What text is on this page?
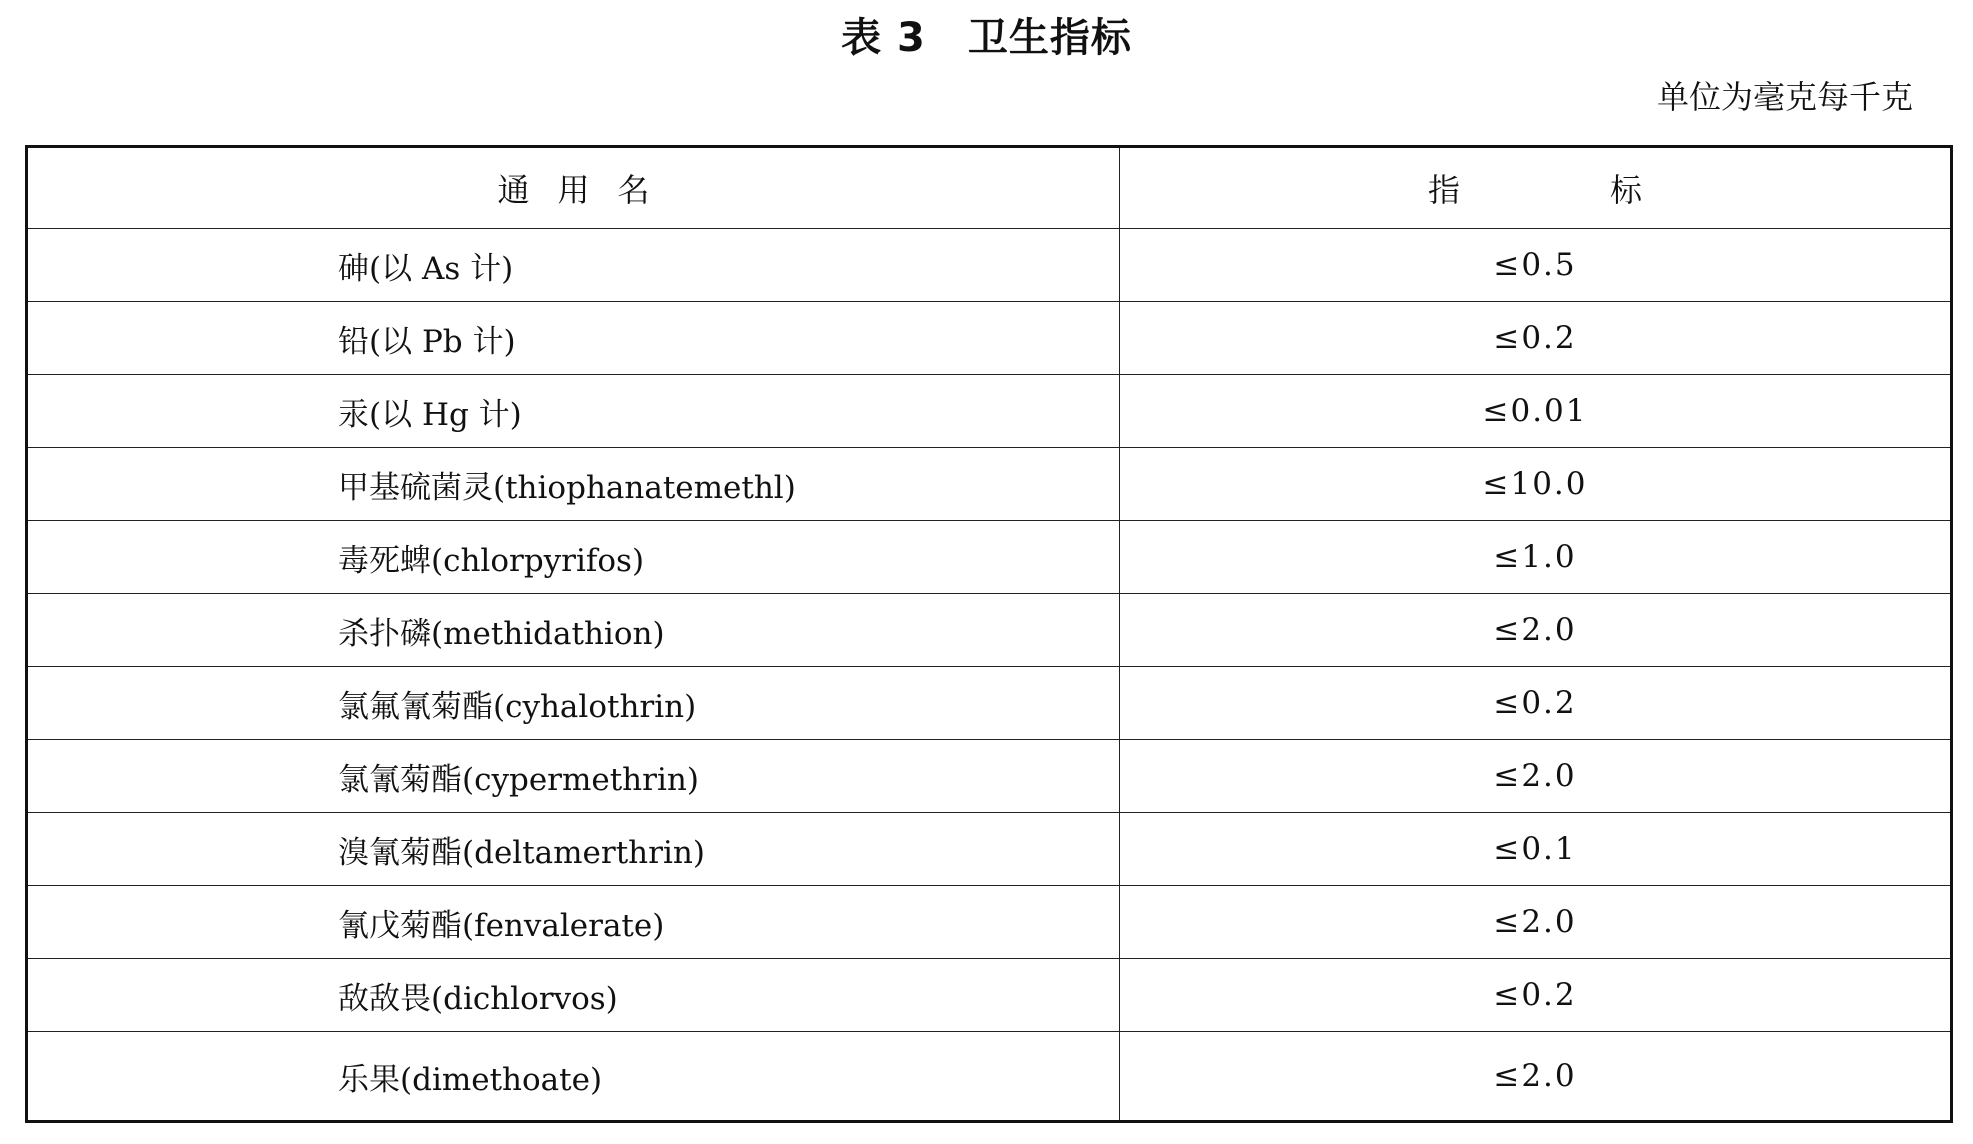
表 3 卫生指标
单位为毫克每千克
通用名	指标
砷(以 As 计)	≤0.5
铅(以 Pb 计)	≤0.2
汞(以 Hg 计)	≤0.01
甲基硫菌灵(thiophanatemethl)	≤10.0
毒死蜱(chlorpyrifos)	≤1.0
杀扑磷(methidathion)	≤2.0
氯氟氰菊酯(cyhalothrin)	≤0.2
氯氰菊酯(cypermethrin)	≤2.0
溴氰菊酯(deltamerthrin)	≤0.1
氰戊菊酯(fenvalerate)	≤2.0
敌敌畏(dichlorvos)	≤0.2
乐果(dimethoate)	≤2.0
